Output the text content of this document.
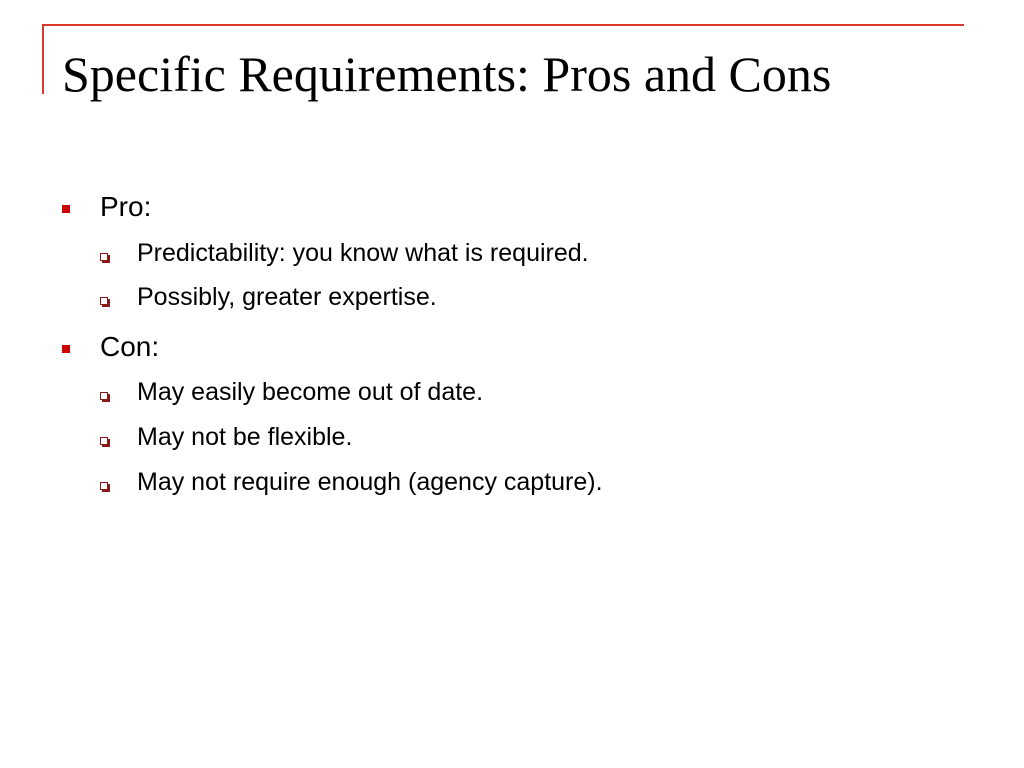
Specific Requirements: Pros and Cons
Pro:
Predictability: you know what is required.
Possibly, greater expertise.
Con:
May easily become out of date.
May not be flexible.
May not require enough (agency capture).
